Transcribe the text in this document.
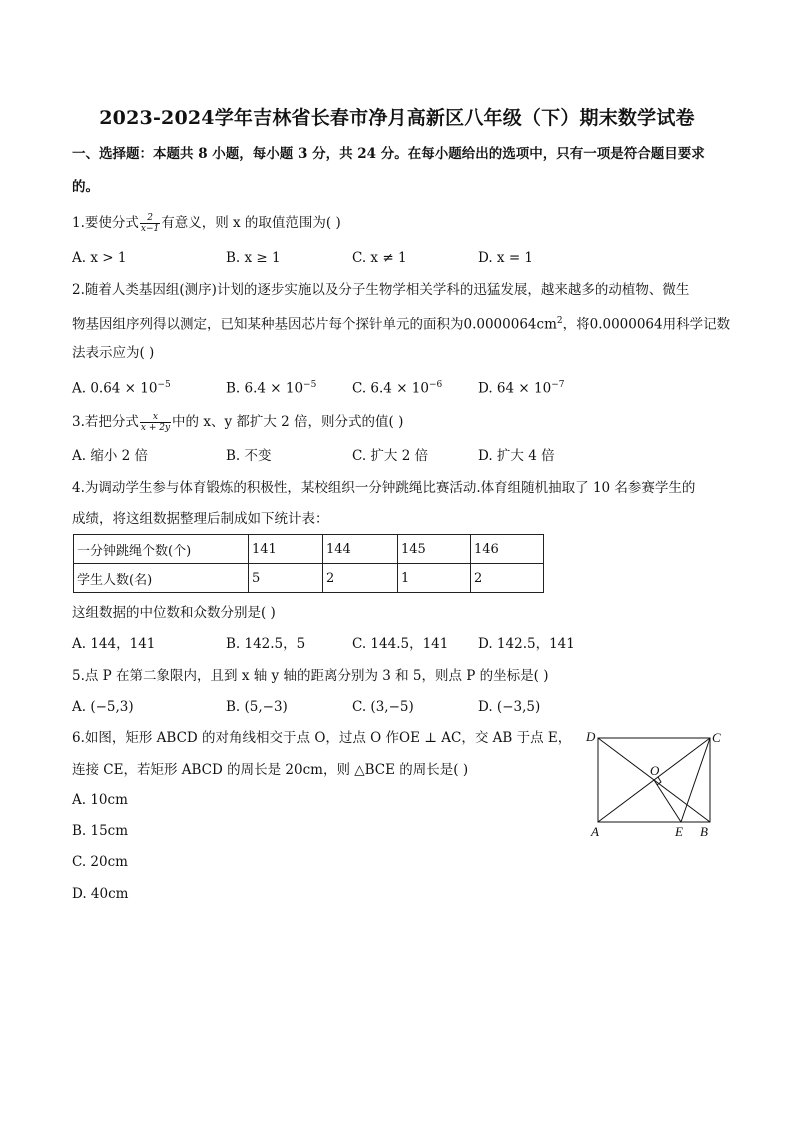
2023-2024学年吉林省长春市净月高新区八年级（下）期末数学试卷
一、选择题：本题共 8 小题，每小题 3 分，共 24 分。在每小题给出的选项中，只有一项是符合题目要求
的。
1.要使分式 $\frac{2}{x-1}$ 有意义，则 x 的取值范围为( )
A. x > 1	B. x ≥ 1	C. x ≠ 1	D. x = 1
2.随着人类基因组(测序)计划的逐步实施以及分子生物学相关学科的迅猛发展，越来越多的动植物、微生
物基因组序列得以测定，已知某种基因芯片每个探针单元的面积为$0.0000064cm^2$，将0.0000064用科学记数
法表示应为( )
A. $0.64 \times 10^{-5}$	B. $6.4 \times 10^{-5}$	C. $6.4 \times 10^{-6}$	D. $64 \times 10^{-7}$
3.若把分式 $\frac{x}{x + 2y}$ 中的 x、y 都扩大 2 倍，则分式的值( )
A. 缩小 2 倍	B. 不变	C. 扩大 2 倍	D. 扩大 4 倍
4.为调动学生参与体育锻炼的积极性，某校组织一分钟跳绳比赛活动.体育组随机抽取了 10 名参赛学生的
成绩，将这组数据整理后制成如下统计表：
一分钟跳绳个数(个)	141	144	145	146
学生人数(名)	5	2	1	2
这组数据的中位数和众数分别是( )
A. 144，141	B. 142.5，5	C. 144.5，141 D. 142.5，141
5.点 P 在第二象限内，且到 x 轴 y 轴的距离分别为 3 和 5，则点 P 的坐标是( )
A. (−5,3)	B. (5,−3)	C. (3,−5)	D. (−3,5)
6.如图，矩形 ABCD 的对角线相交于点 O，过点 O 作OE ⊥ AC，交 AB 于点 E，
连接 CE，若矩形 ABCD 的周长是 20cm，则 △BCE 的周长是( )
A. 10cm
B. 15cm
C. 20cm
D. 40cm
D	C
O
A	E B
